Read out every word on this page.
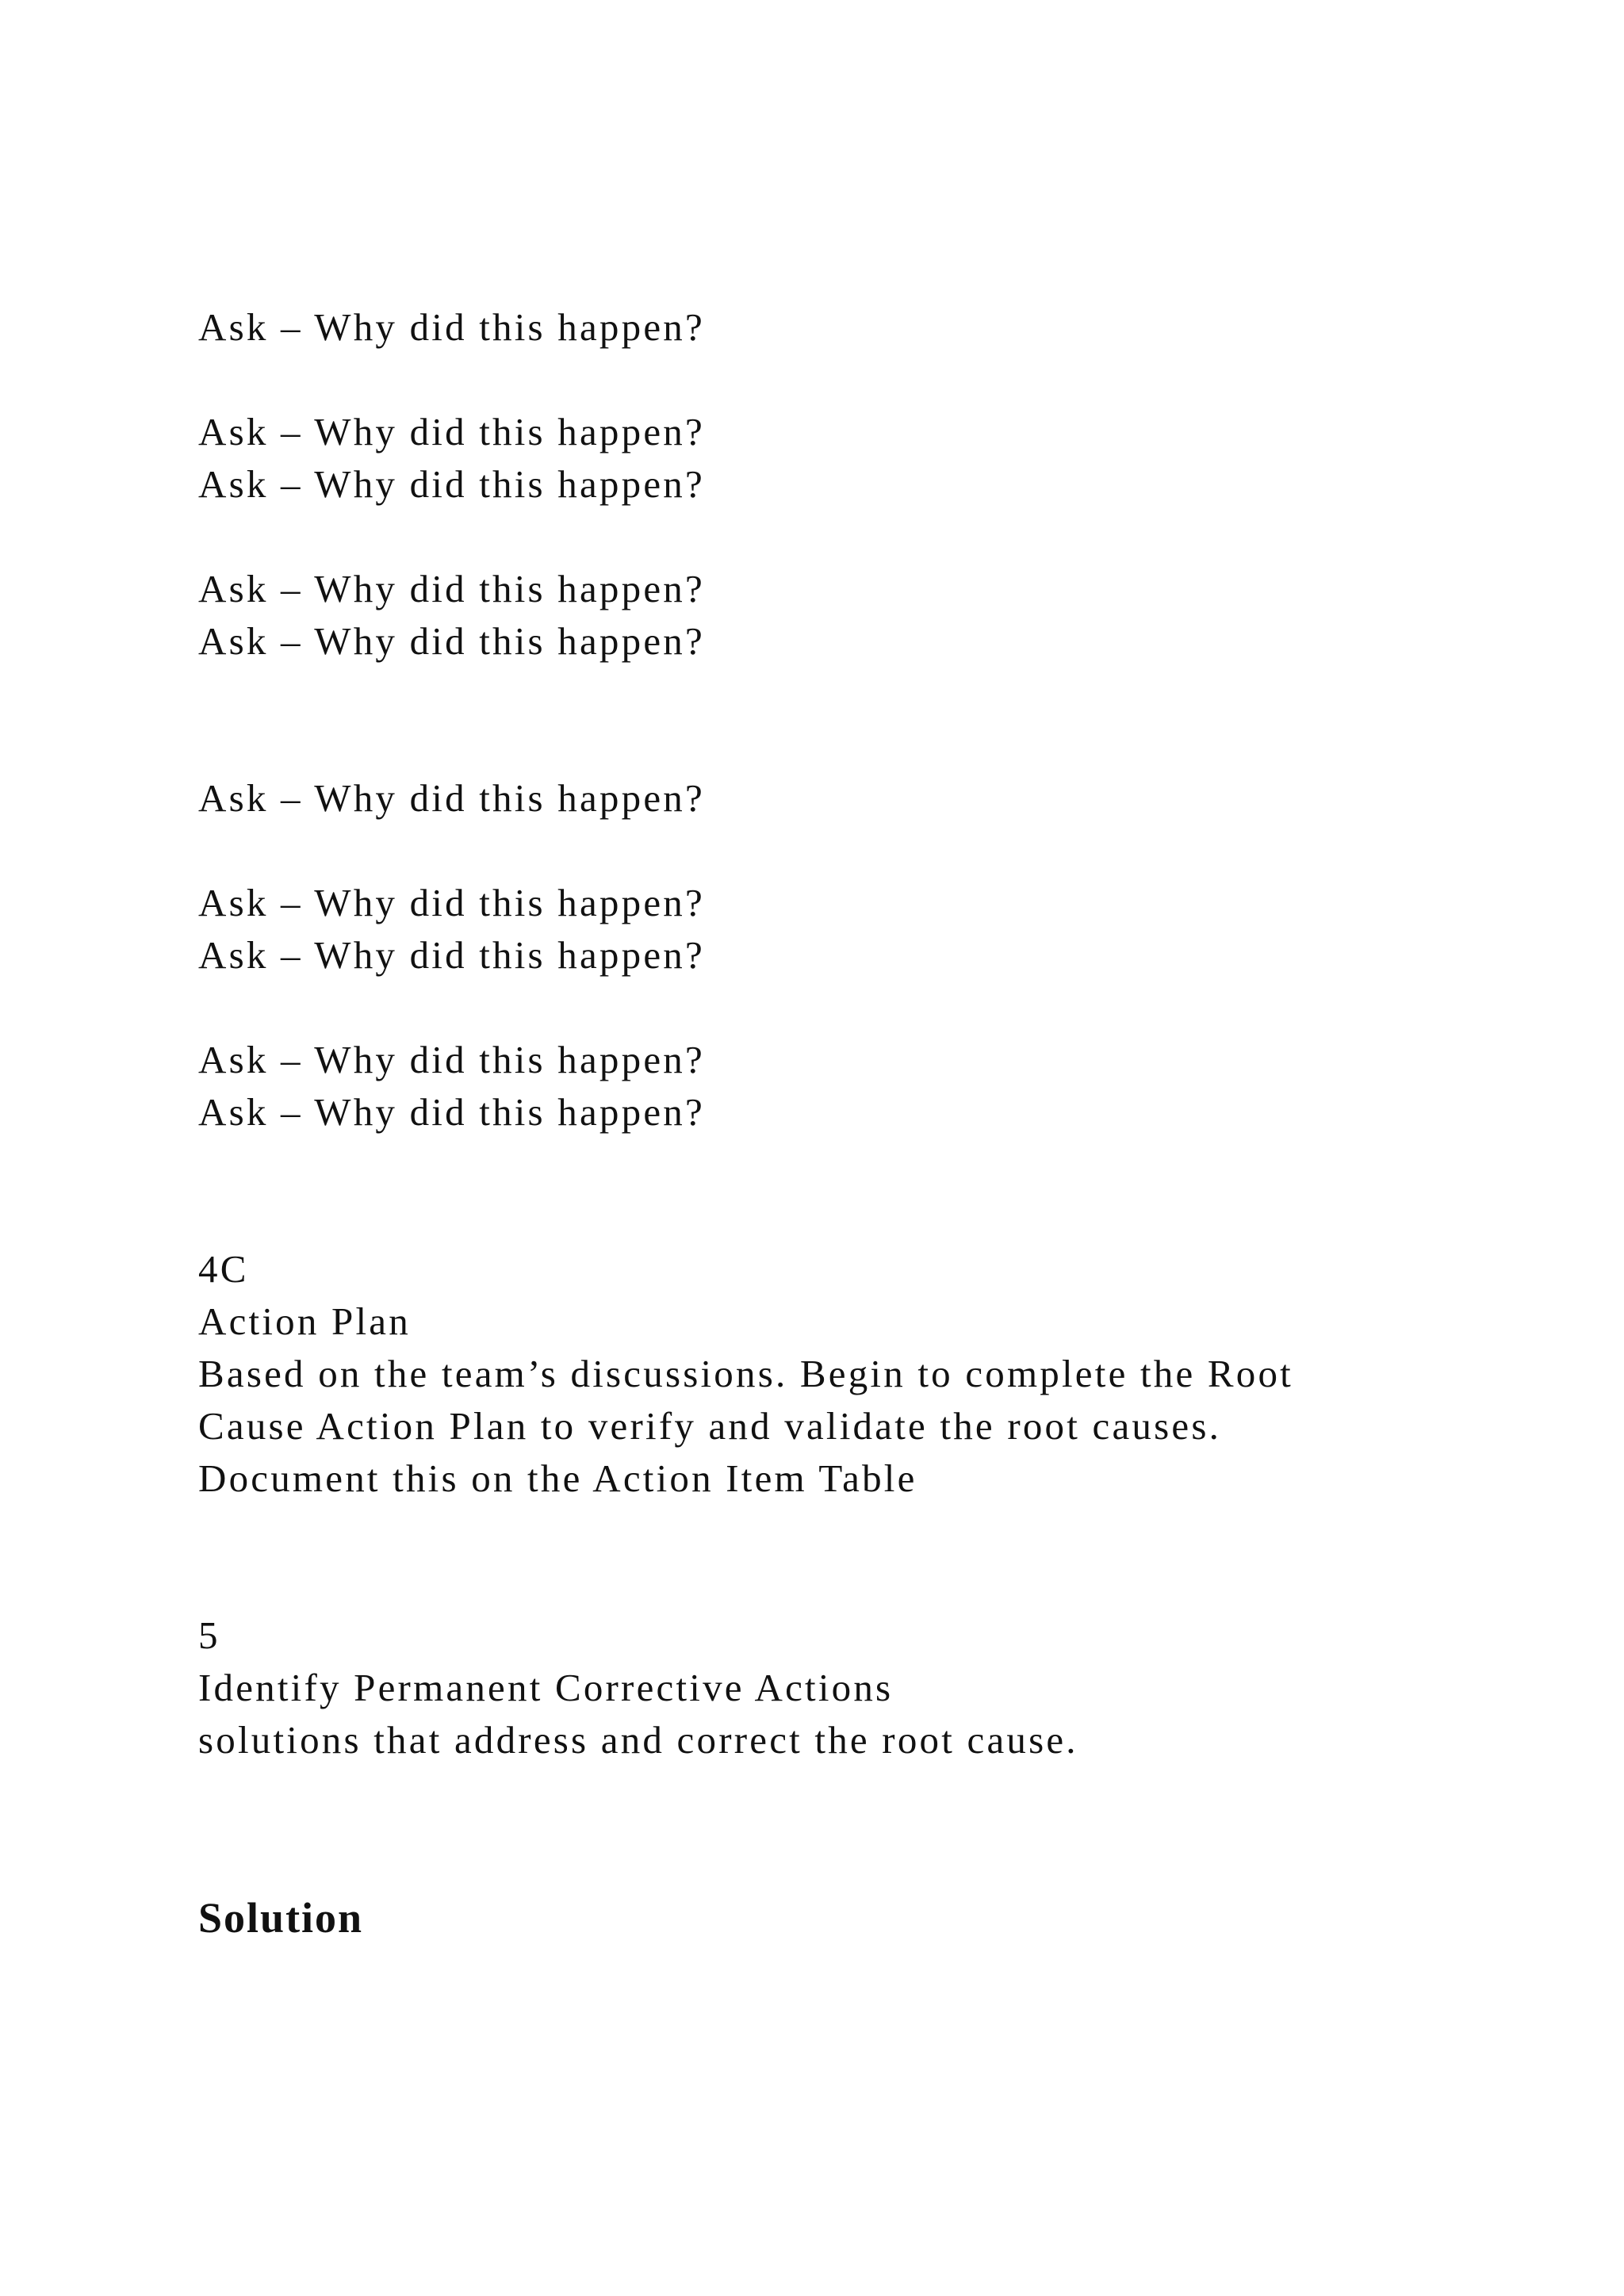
Ask – Why did this happen?
Ask – Why did this happen?
Ask – Why did this happen?
Ask – Why did this happen?
Ask – Why did this happen?
Ask – Why did this happen?
Ask – Why did this happen?
Ask – Why did this happen?
Ask – Why did this happen?
Ask – Why did this happen?
4C
Action Plan
Based on the team’s discussions. Begin to complete the Root
Cause Action Plan to verify and validate the root causes.
Document this on the Action Item Table
5
Identify Permanent Corrective Actions
solutions that address and correct the root cause.
Solution
